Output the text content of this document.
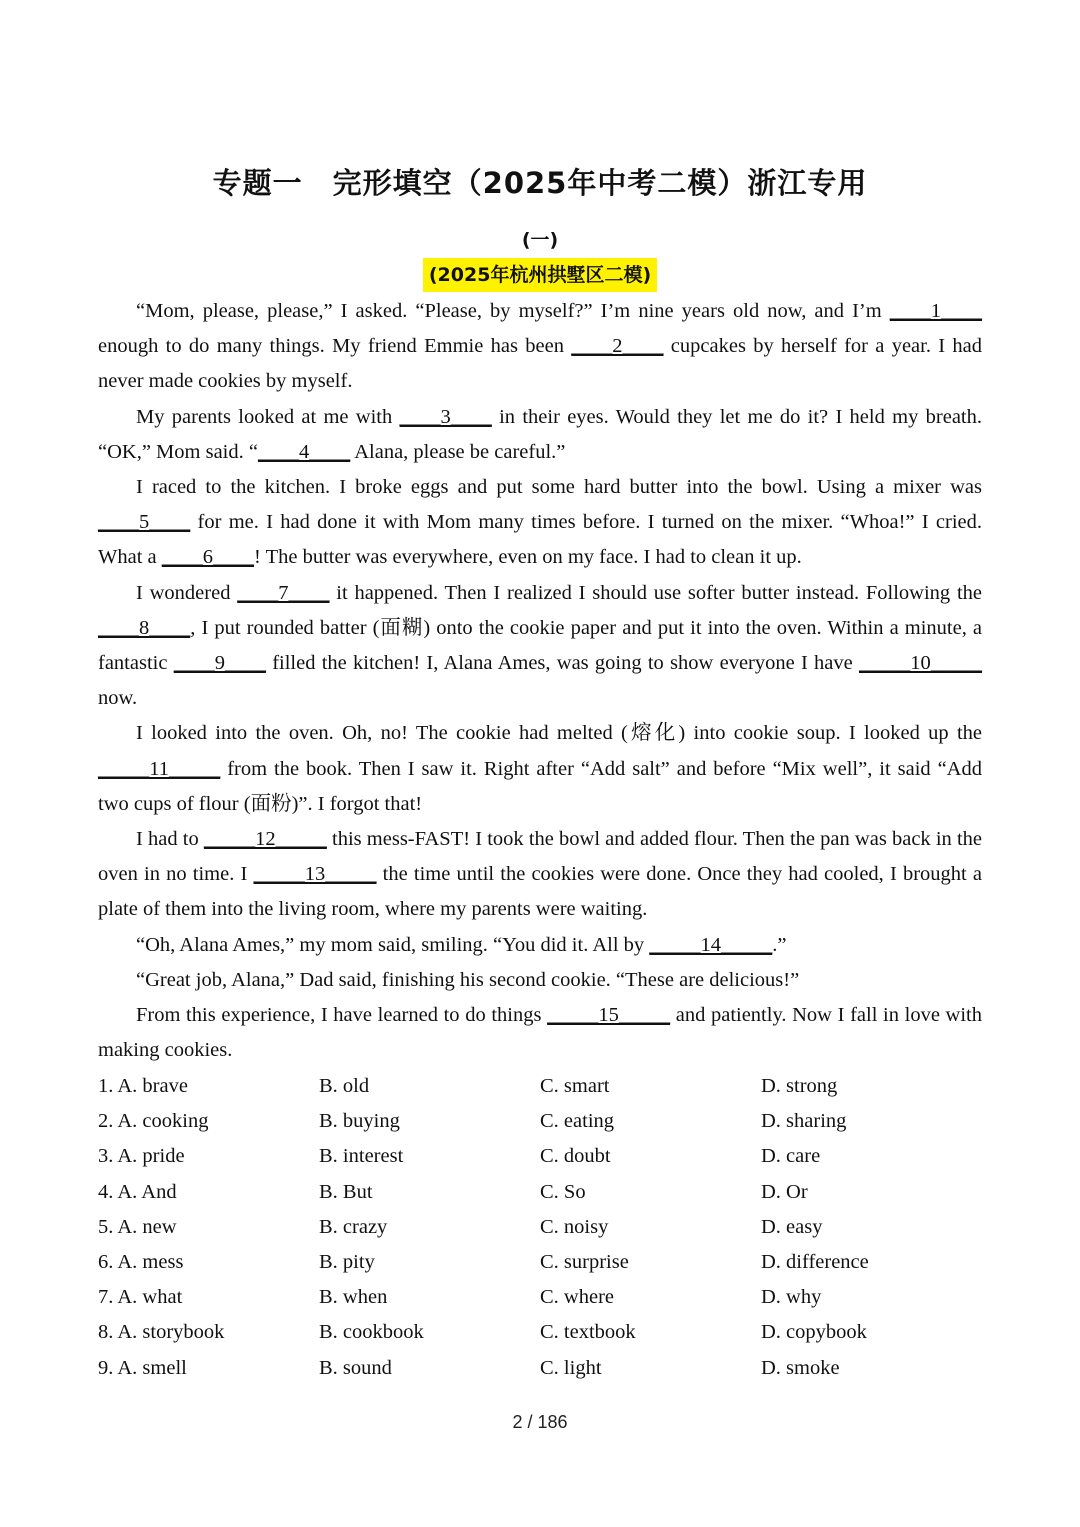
专题一　完形填空（2025年中考二模）浙江专用
(一)
(2025年杭州拱墅区二模)

“Mom, please, please,” I asked. “Please, by myself?” I’m nine years old now, and I’m ____1____ enough to do many things. My friend Emmie has been ____2____ cupcakes by herself for a year. I had never made cookies by myself.

My parents looked at me with ____3____ in their eyes. Would they let me do it? I held my breath. “OK,” Mom said. “____4____ Alana, please be careful.”

I raced to the kitchen. I broke eggs and put some hard butter into the bowl. Using a mixer was ____5____ for me. I had done it with Mom many times before. I turned on the mixer. “Whoa!” I cried. What a ____6____! The butter was everywhere, even on my face. I had to clean it up.

I wondered ____7____ it happened. Then I realized I should use softer butter instead. Following the ____8____, I put rounded batter (面糊) onto the cookie paper and put it into the oven. Within a minute, a fantastic ____9____ filled the kitchen! I, Alana Ames, was going to show everyone I have _____10_____ now.

I looked into the oven. Oh, no! The cookie had melted (熔化) into cookie soup. I looked up the _____11_____ from the book. Then I saw it. Right after “Add salt” and before “Mix well”, it said “Add two cups of flour (面粉)”. I forgot that!

I had to _____12_____ this mess-FAST! I took the bowl and added flour. Then the pan was back in the oven in no time. I _____13_____ the time until the cookies were done. Once they had cooled, I brought a plate of them into the living room, where my parents were waiting.

“Oh, Alana Ames,” my mom said, smiling. “You did it. All by _____14_____.”

“Great job, Alana,” Dad said, finishing his second cookie. “These are delicious!”

From this experience, I have learned to do things _____15_____ and patiently. Now I fall in love with making cookies.

1. A. brave	B. old	C. smart	D. strong
2. A. cooking	B. buying	C. eating	D. sharing
3. A. pride	B. interest	C. doubt	D. care
4. A. And	B. But	C. So	D. Or
5. A. new	B. crazy	C. noisy	D. easy
6. A. mess	B. pity	C. surprise	D. difference
7. A. what	B. when	C. where	D. why
8. A. storybook	B. cookbook	C. textbook	D. copybook
9. A. smell	B. sound	C. light	D. smoke
2 / 186
